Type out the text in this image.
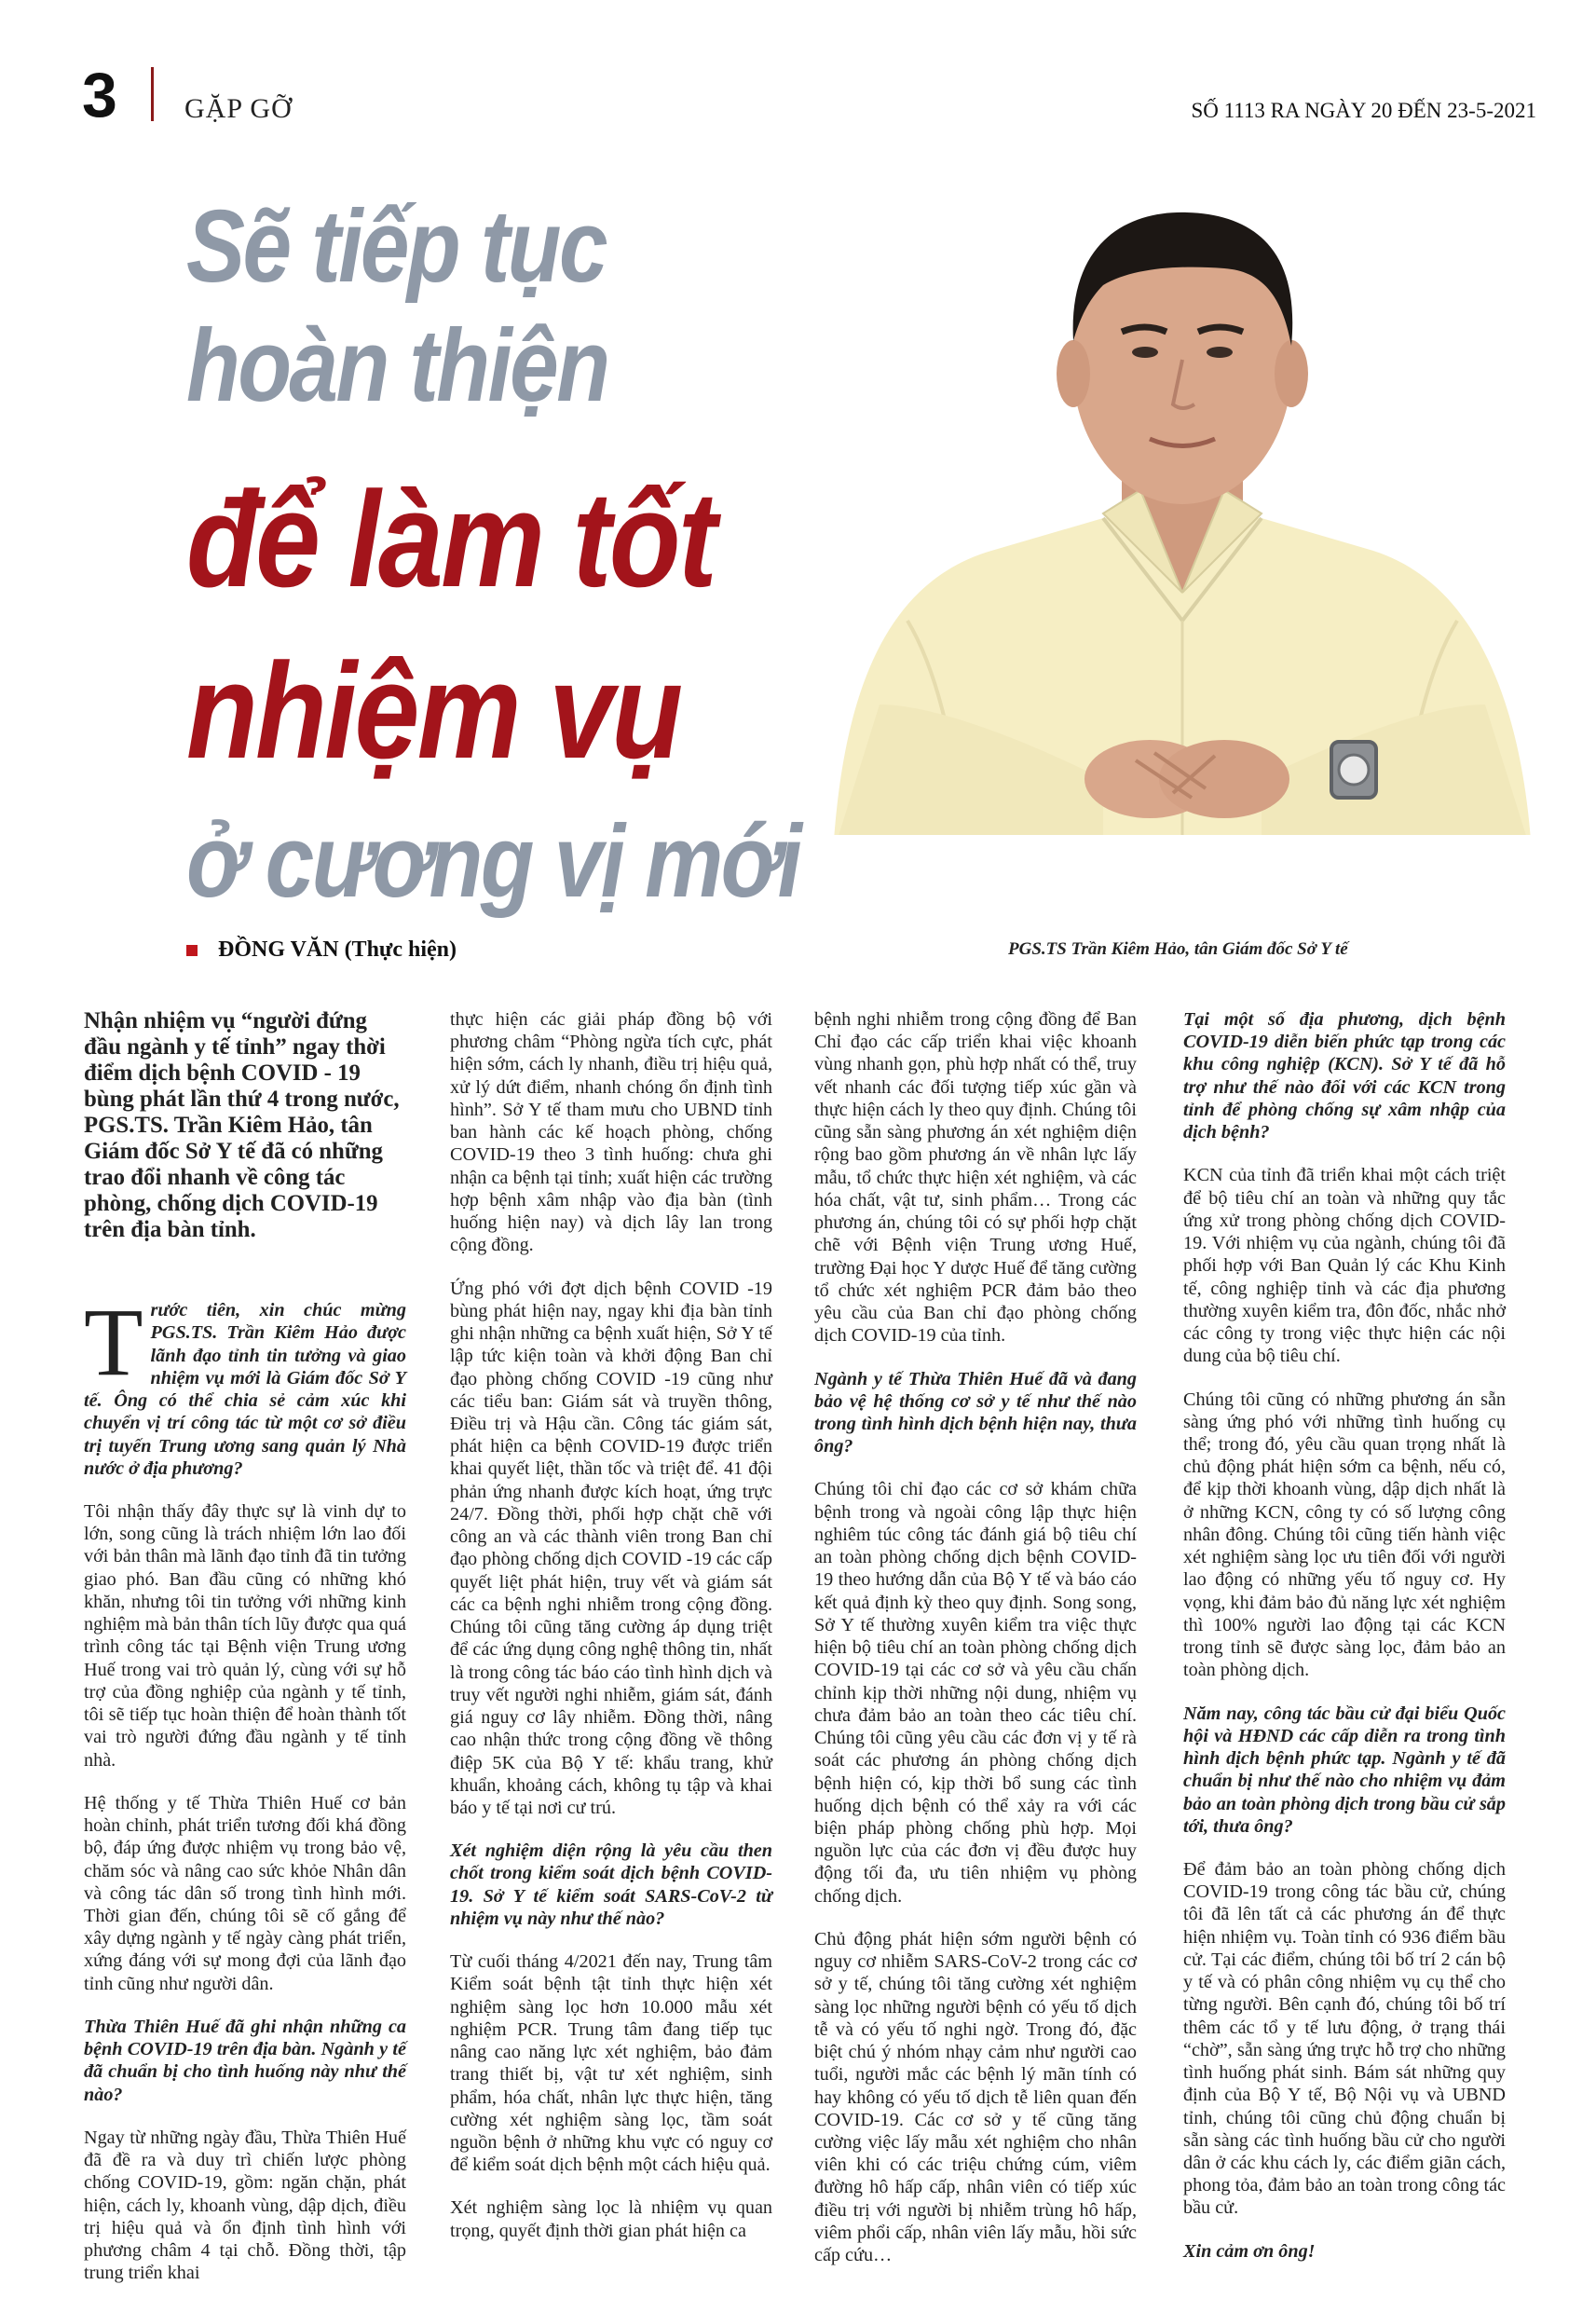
3 GẶP GỠ	SỐ 1113 RA NGÀY 20 ĐẾN 23-5-2021
Sẽ tiếp tục
hoàn thiện
để làm tốt
nhiệm vụ
ở cương vị mới
ĐỒNG VĂN (Thực hiện)	PGS.TS Trần Kiêm Hảo, tân Giám đốc Sở Y tế

Nhận nhiệm vụ “người đứng đầu ngành y tế tỉnh” ngay thời điểm dịch bệnh COVID - 19 bùng phát lần thứ 4 trong nước, PGS.TS. Trần Kiêm Hảo, tân Giám đốc Sở Y tế đã có những trao đổi nhanh về công tác phòng, chống dịch COVID-19 trên địa bàn tỉnh.

Trước tiên, xin chúc mừng PGS.TS. Trần Kiêm Hảo được lãnh đạo tỉnh tin tưởng và giao nhiệm vụ mới là Giám đốc Sở Y tế. Ông có thể chia sẻ cảm xúc khi chuyển vị trí công tác từ một cơ sở điều trị tuyến Trung ương sang quản lý Nhà nước ở địa phương?

Tôi nhận thấy đây thực sự là vinh dự to lớn, song cũng là trách nhiệm lớn lao đối với bản thân mà lãnh đạo tỉnh đã tin tưởng giao phó. Ban đầu cũng có những khó khăn, nhưng tôi tin tưởng với những kinh nghiệm mà bản thân tích lũy được qua quá trình công tác tại Bệnh viện Trung ương Huế trong vai trò quản lý, cùng với sự hỗ trợ của đồng nghiệp của ngành y tế tỉnh, tôi sẽ tiếp tục hoàn thiện để hoàn thành tốt vai trò người đứng đầu ngành y tế tỉnh nhà.

Hệ thống y tế Thừa Thiên Huế cơ bản hoàn chỉnh, phát triển tương đối khá đồng bộ, đáp ứng được nhiệm vụ trong bảo vệ, chăm sóc và nâng cao sức khỏe Nhân dân và công tác dân số trong tình hình mới. Thời gian đến, chúng tôi sẽ cố gắng để xây dựng ngành y tế ngày càng phát triển, xứng đáng với sự mong đợi của lãnh đạo tỉnh cũng như người dân.

Thừa Thiên Huế đã ghi nhận những ca bệnh COVID-19 trên địa bàn. Ngành y tế đã chuẩn bị cho tình huống này như thế nào?

Ngay từ những ngày đầu, Thừa Thiên Huế đã đề ra và duy trì chiến lược phòng chống COVID-19, gồm: ngăn chặn, phát hiện, cách ly, khoanh vùng, dập dịch, điều trị hiệu quả và ổn định tình hình với phương châm 4 tại chỗ. Đồng thời, tập trung triển khai

thực hiện các giải pháp đồng bộ với phương châm “Phòng ngừa tích cực, phát hiện sớm, cách ly nhanh, điều trị hiệu quả, xử lý dứt điểm, nhanh chóng ổn định tình hình”. Sở Y tế tham mưu cho UBND tỉnh ban hành các kế hoạch phòng, chống COVID-19 theo 3 tình huống: chưa ghi nhận ca bệnh tại tỉnh; xuất hiện các trường hợp bệnh xâm nhập vào địa bàn (tình huống hiện nay) và dịch lây lan trong cộng đồng.

Ứng phó với đợt dịch bệnh COVID -19 bùng phát hiện nay, ngay khi địa bàn tỉnh ghi nhận những ca bệnh xuất hiện, Sở Y tế lập tức kiện toàn và khởi động Ban chỉ đạo phòng chống COVID -19 cũng như các tiểu ban: Giám sát và truyền thông, Điều trị và Hậu cần. Công tác giám sát, phát hiện ca bệnh COVID-19 được triển khai quyết liệt, thần tốc và triệt để. 41 đội phản ứng nhanh được kích hoạt, ứng trực 24/7. Đồng thời, phối hợp chặt chẽ với công an và các thành viên trong Ban chỉ đạo phòng chống dịch COVID -19 các cấp quyết liệt phát hiện, truy vết và giám sát các ca bệnh nghi nhiễm trong cộng đồng. Chúng tôi cũng tăng cường áp dụng triệt để các ứng dụng công nghệ thông tin, nhất là trong công tác báo cáo tình hình dịch và truy vết người nghi nhiễm, giám sát, đánh giá nguy cơ lây nhiễm. Đồng thời, nâng cao nhận thức trong cộng đồng về thông điệp 5K của Bộ Y tế: khẩu trang, khử khuẩn, khoảng cách, không tụ tập và khai báo y tế tại nơi cư trú.

Xét nghiệm diện rộng là yêu cầu then chốt trong kiểm soát dịch bệnh COVID-19. Sở Y tế kiểm soát SARS-CoV-2 từ nhiệm vụ này như thế nào?

Từ cuối tháng 4/2021 đến nay, Trung tâm Kiểm soát bệnh tật tỉnh thực hiện xét nghiệm sàng lọc hơn 10.000 mẫu xét nghiệm PCR. Trung tâm đang tiếp tục nâng cao năng lực xét nghiệm, bảo đảm trang thiết bị, vật tư xét nghiệm, sinh phẩm, hóa chất, nhân lực thực hiện, tăng cường xét nghiệm sàng lọc, tầm soát nguồn bệnh ở những khu vực có nguy cơ để kiểm soát dịch bệnh một cách hiệu quả.

Xét nghiệm sàng lọc là nhiệm vụ quan trọng, quyết định thời gian phát hiện ca

bệnh nghi nhiễm trong cộng đồng để Ban Chỉ đạo các cấp triển khai việc khoanh vùng nhanh gọn, phù hợp nhất có thể, truy vết nhanh các đối tượng tiếp xúc gần và thực hiện cách ly theo quy định. Chúng tôi cũng sẵn sàng phương án xét nghiệm diện rộng bao gồm phương án về nhân lực lấy mẫu, tổ chức thực hiện xét nghiệm, và các hóa chất, vật tư, sinh phẩm… Trong các phương án, chúng tôi có sự phối hợp chặt chẽ với Bệnh viện Trung ương Huế, trường Đại học Y dược Huế để tăng cường tổ chức xét nghiệm PCR đảm bảo theo yêu cầu của Ban chỉ đạo phòng chống dịch COVID-19 của tỉnh.

Ngành y tế Thừa Thiên Huế đã và đang bảo vệ hệ thống cơ sở y tế như thế nào trong tình hình dịch bệnh hiện nay, thưa ông?

Chúng tôi chỉ đạo các cơ sở khám chữa bệnh trong và ngoài công lập thực hiện nghiêm túc công tác đánh giá bộ tiêu chí an toàn phòng chống dịch bệnh COVID-19 theo hướng dẫn của Bộ Y tế và báo cáo kết quả định kỳ theo quy định. Song song, Sở Y tế thường xuyên kiểm tra việc thực hiện bộ tiêu chí an toàn phòng chống dịch COVID-19 tại các cơ sở và yêu cầu chấn chỉnh kịp thời những nội dung, nhiệm vụ chưa đảm bảo an toàn theo các tiêu chí. Chúng tôi cũng yêu cầu các đơn vị y tế rà soát các phương án phòng chống dịch bệnh hiện có, kịp thời bổ sung các tình huống dịch bệnh có thể xảy ra với các biện pháp phòng chống phù hợp. Mọi nguồn lực của các đơn vị đều được huy động tối đa, ưu tiên nhiệm vụ phòng chống dịch.

Chủ động phát hiện sớm người bệnh có nguy cơ nhiễm SARS-CoV-2 trong các cơ sở y tế, chúng tôi tăng cường xét nghiệm sàng lọc những người bệnh có yếu tố dịch tễ và có yếu tố nghi ngờ. Trong đó, đặc biệt chú ý nhóm nhạy cảm như người cao tuổi, người mắc các bệnh lý mãn tính có hay không có yếu tố dịch tễ liên quan đến COVID-19. Các cơ sở y tế cũng tăng cường việc lấy mẫu xét nghiệm cho nhân viên khi có các triệu chứng cúm, viêm đường hô hấp cấp, nhân viên có tiếp xúc điều trị với người bị nhiễm trùng hô hấp, viêm phổi cấp, nhân viên lấy mẫu, hồi sức cấp cứu…

Tại một số địa phương, dịch bệnh COVID-19 diễn biến phức tạp trong các khu công nghiệp (KCN). Sở Y tế đã hỗ trợ như thế nào đối với các KCN trong tỉnh để phòng chống sự xâm nhập của dịch bệnh?

KCN của tỉnh đã triển khai một cách triệt để bộ tiêu chí an toàn và những quy tắc ứng xử trong phòng chống dịch COVID-19. Với nhiệm vụ của ngành, chúng tôi đã phối hợp với Ban Quản lý các Khu Kinh tế, công nghiệp tỉnh và các địa phương thường xuyên kiểm tra, đôn đốc, nhắc nhở các công ty trong việc thực hiện các nội dung của bộ tiêu chí.

Chúng tôi cũng có những phương án sẵn sàng ứng phó với những tình huống cụ thể; trong đó, yêu cầu quan trọng nhất là chủ động phát hiện sớm ca bệnh, nếu có, để kịp thời khoanh vùng, dập dịch nhất là ở những KCN, công ty có số lượng công nhân đông. Chúng tôi cũng tiến hành việc xét nghiệm sàng lọc ưu tiên đối với người lao động có những yếu tố nguy cơ. Hy vọng, khi đảm bảo đủ năng lực xét nghiệm thì 100% người lao động tại các KCN trong tỉnh sẽ được sàng lọc, đảm bảo an toàn phòng dịch.

Năm nay, công tác bầu cử đại biểu Quốc hội và HĐND các cấp diễn ra trong tình hình dịch bệnh phức tạp. Ngành y tế đã chuẩn bị như thế nào cho nhiệm vụ đảm bảo an toàn phòng dịch trong bầu cử sắp tới, thưa ông?

Để đảm bảo an toàn phòng chống dịch COVID-19 trong công tác bầu cử, chúng tôi đã lên tất cả các phương án để thực hiện nhiệm vụ. Toàn tỉnh có 936 điểm bầu cử. Tại các điểm, chúng tôi bố trí 2 cán bộ y tế và có phân công nhiệm vụ cụ thể cho từng người. Bên cạnh đó, chúng tôi bố trí thêm các tổ y tế lưu động, ở trạng thái “chờ”, sẵn sàng ứng trực hỗ trợ cho những tình huống phát sinh. Bám sát những quy định của Bộ Y tế, Bộ Nội vụ và UBND tỉnh, chúng tôi cũng chủ động chuẩn bị sẵn sàng các tình huống bầu cử cho người dân ở các khu cách ly, các điểm giãn cách, phong tỏa, đảm bảo an toàn trong công tác bầu cử.

Xin cảm ơn ông!
